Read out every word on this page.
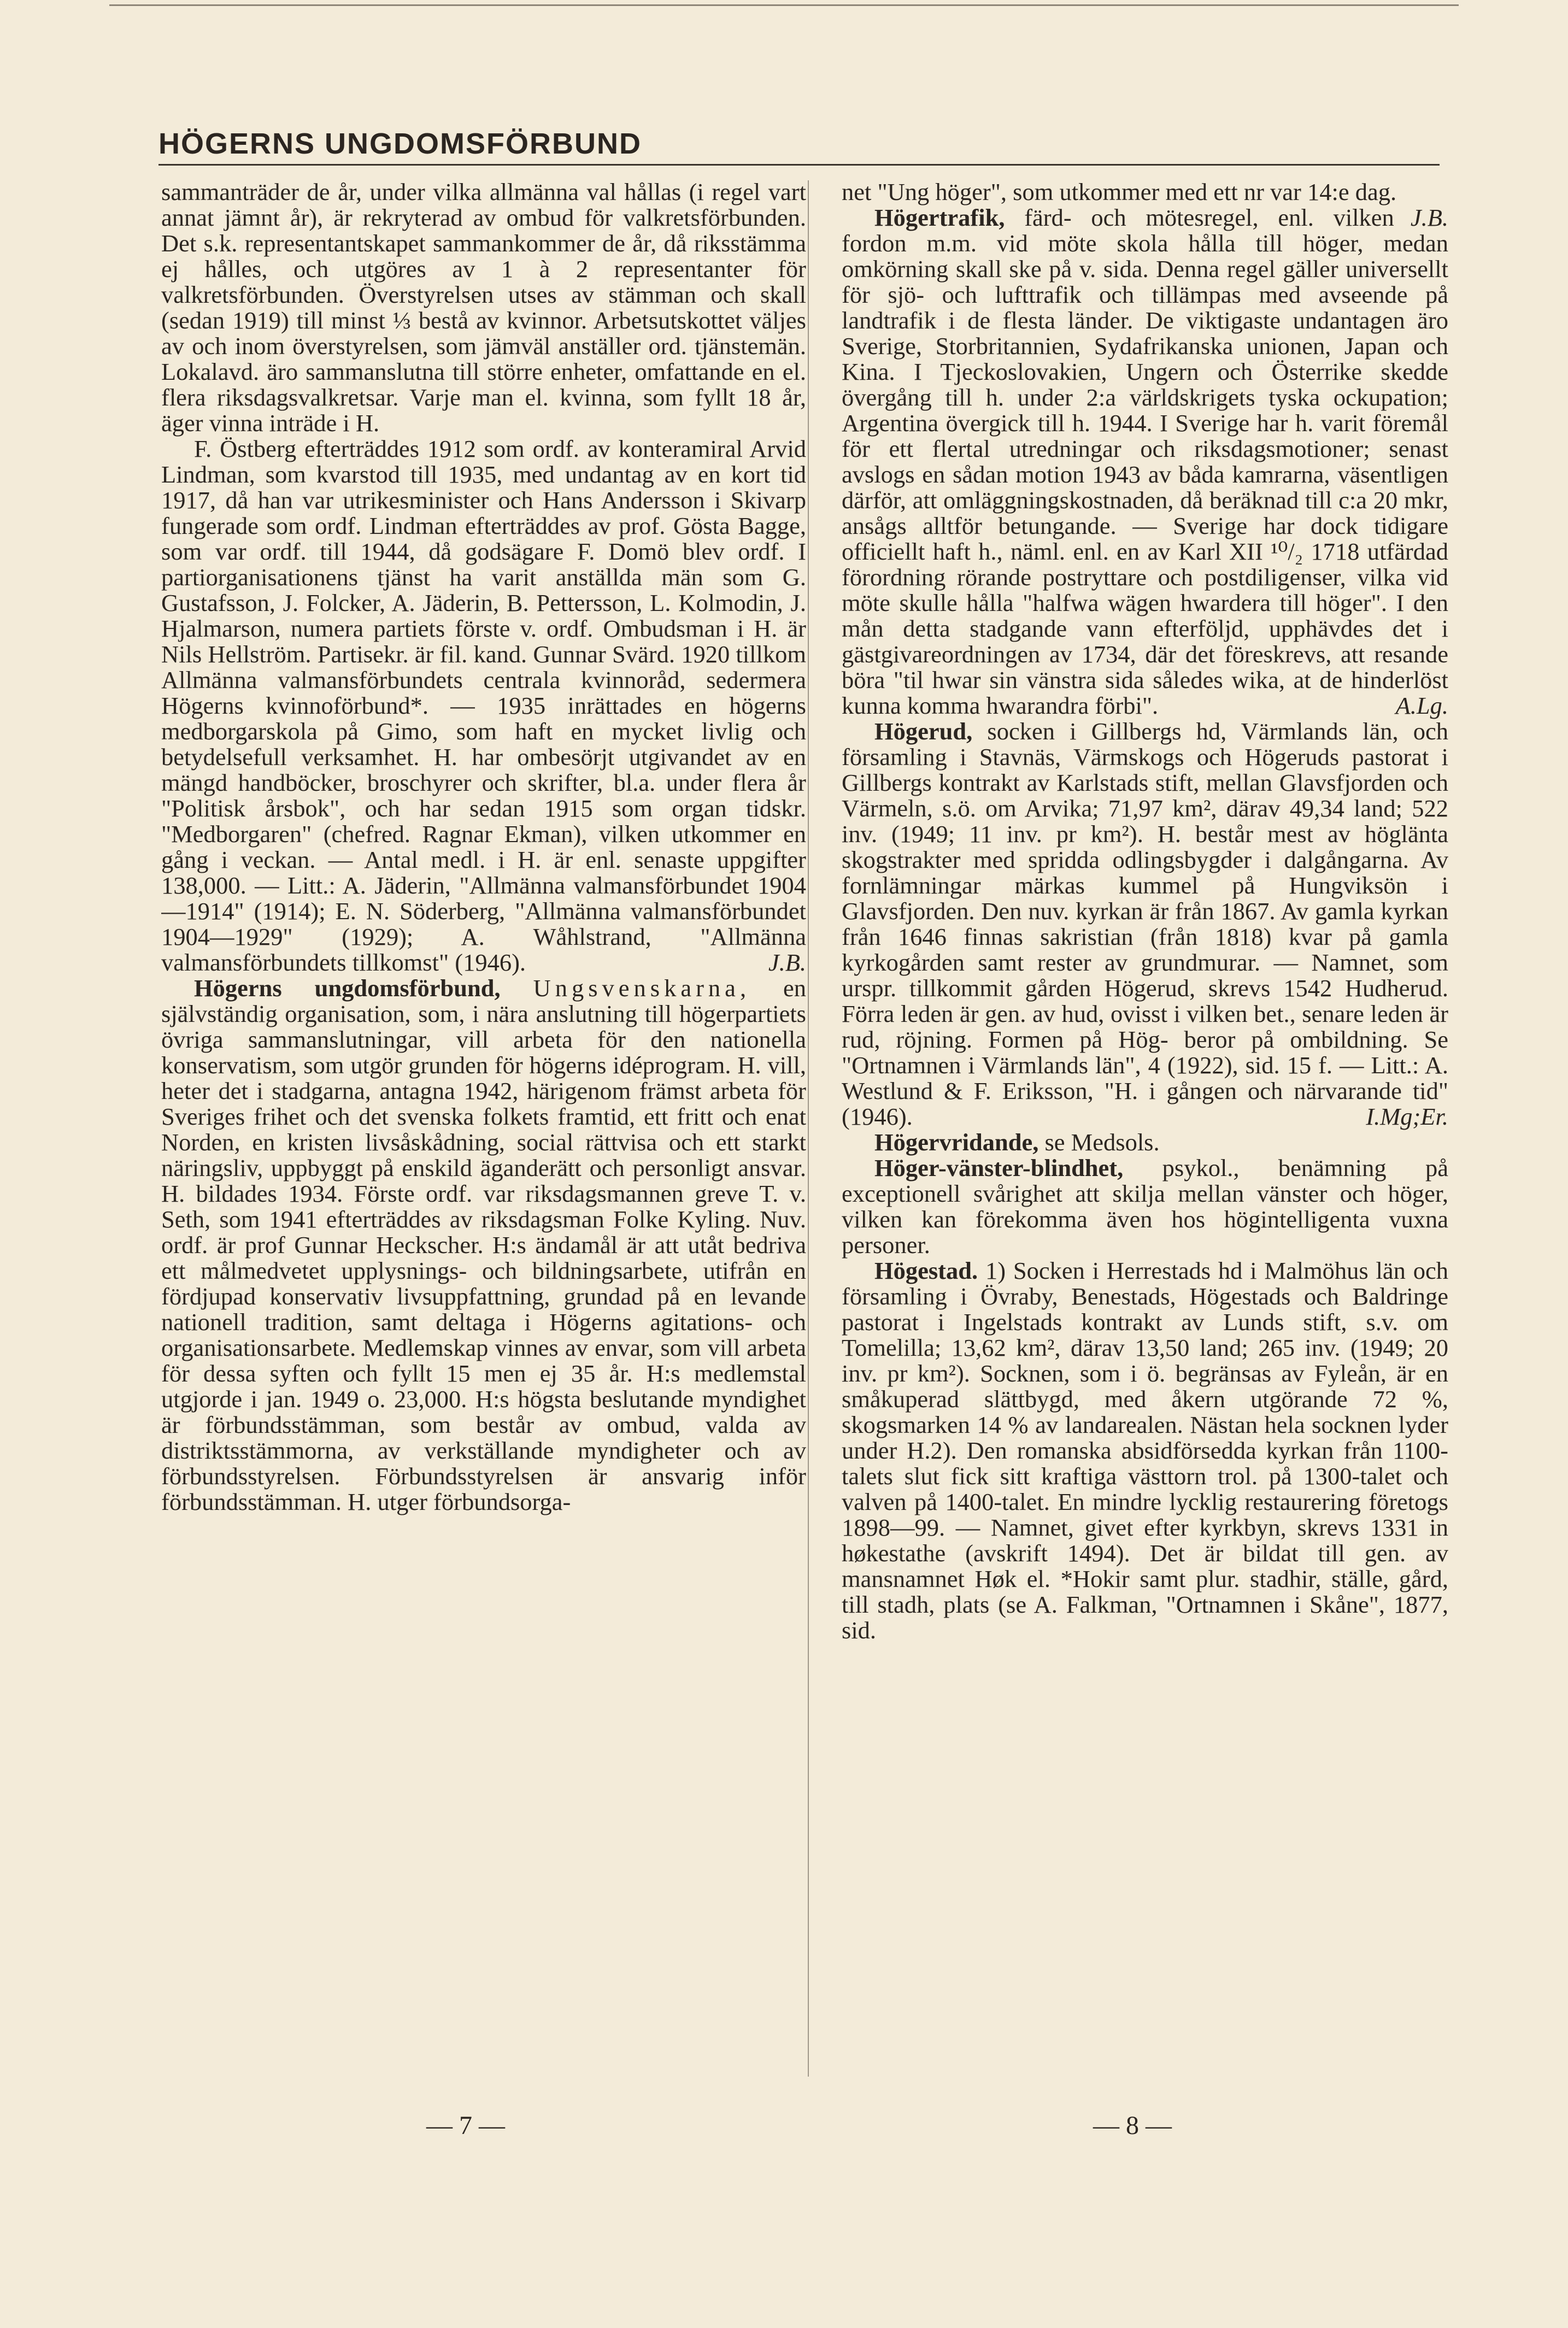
HÖGERNS UNGDOMSFÖRBUND

sammanträder de år, under vilka allmänna val hållas (i regel vart annat jämnt år), är rekryterad av ombud för valkretsförbunden. Det s.k. representantskapet sammankommer de år, då riksstämma ej hålles, och utgöres av 1 à 2 representanter för valkretsförbunden. Överstyrelsen utses av stämman och skall (sedan 1919) till minst ⅓ bestå av kvinnor. Arbetsutskottet väljes av och inom överstyrelsen, som jämväl anställer ord. tjänstemän. Lokalavd. äro sammanslutna till större enheter, omfattande en el. flera riksdagsvalkretsar. Varje man el. kvinna, som fyllt 18 år, äger vinna inträde i H.

F. Östberg efterträddes 1912 som ordf. av konteramiral Arvid Lindman, som kvarstod till 1935, med undantag av en kort tid 1917, då han var utrikesminister och Hans Andersson i Skivarp fungerade som ordf. Lindman efterträddes av prof. Gösta Bagge, som var ordf. till 1944, då godsägare F. Domö blev ordf. I partiorganisationens tjänst ha varit anställda män som G. Gustafsson, J. Folcker, A. Jäderin, B. Pettersson, L. Kolmodin, J. Hjalmarson, numera partiets förste v. ordf. Ombudsman i H. är Nils Hellström. Partisekr. är fil. kand. Gunnar Svärd. 1920 tillkom Allmänna valmansförbundets centrala kvinnoråd, sedermera Högerns kvinnoförbund*. — 1935 inrättades en högerns medborgarskola på Gimo, som haft en mycket livlig och betydelsefull verksamhet. H. har ombesörjt utgivandet av en mängd handböcker, broschyrer och skrifter, bl.a. under flera år "Politisk årsbok", och har sedan 1915 som organ tidskr. "Medborgaren" (chefred. Ragnar Ekman), vilken utkommer en gång i veckan. — Antal medl. i H. är enl. senaste uppgifter 138,000. — Litt.: A. Jäderin, "Allmänna valmansförbundet 1904—1914" (1914); E. N. Söderberg, "Allmänna valmansförbundet 1904—1929" (1929); A. Wåhlstrand, "Allmänna valmansförbundets tillkomst" (1946).	J.B.

Högerns ungdomsförbund, Ungsvenskarna, en självständig organisation, som, i nära anslutning till högerpartiets övriga sammanslutningar, vill arbeta för den nationella konservatism, som utgör grunden för högerns idéprogram. H. vill, heter det i stadgarna, antagna 1942, härigenom främst arbeta för Sveriges frihet och det svenska folkets framtid, ett fritt och enat Norden, en kristen livsåskådning, social rättvisa och ett starkt näringsliv, uppbyggt på enskild äganderätt och personligt ansvar. H. bildades 1934. Förste ordf. var riksdagsmannen greve T. v. Seth, som 1941 efterträddes av riksdagsman Folke Kyling. Nuv. ordf. är prof Gunnar Heckscher. H:s ändamål är att utåt bedriva ett målmedvetet upplysnings- och bildningsarbete, utifrån en fördjupad konservativ livsuppfattning, grundad på en levande nationell tradition, samt deltaga i Högerns agitations- och organisationsarbete. Medlemskap vinnes av envar, som vill arbeta för dessa syften och fyllt 15 men ej 35 år. H:s medlemstal utgjorde i jan. 1949 o. 23,000. H:s högsta beslutande myndighet är förbundsstämman, som består av ombud, valda av distriktsstämmorna, av verkställande myndigheter och av förbundsstyrelsen. Förbundsstyrelsen är ansvarig inför förbundsstämman. H. utger förbundsorga-

net "Ung höger", som utkommer med ett nr var 14:e dag.
J.B.

Högertrafik, färd- och mötesregel, enl. vilken fordon m.m. vid möte skola hålla till höger, medan omkörning skall ske på v. sida. Denna regel gäller universellt för sjö- och lufttrafik och tillämpas med avseende på landtrafik i de flesta länder. De viktigaste undantagen äro Sverige, Storbritannien, Sydafrikanska unionen, Japan och Kina. I Tjeckoslovakien, Ungern och Österrike skedde övergång till h. under 2:a världskrigets tyska ockupation; Argentina övergick till h. 1944. I Sverige har h. varit föremål för ett flertal utredningar och riksdagsmotioner; senast avslogs en sådan motion 1943 av båda kamrarna, väsentligen därför, att omläggningskostnaden, då beräknad till c:a 20 mkr, ansågs alltför betungande. — Sverige har dock tidigare officiellt haft h., näml. enl. en av Karl XII ¹⁰/₂ 1718 utfärdad förordning rörande postryttare och postdiligenser, vilka vid möte skulle hålla "halfwa wägen hwardera till höger". I den mån detta stadgande vann efterföljd, upphävdes det i gästgivareordningen av 1734, där det föreskrevs, att resande böra "til hwar sin vänstra sida således wika, at de hinderlöst kunna komma hwarandra förbi".	A.Lg.

Högerud, socken i Gillbergs hd, Värmlands län, och församling i Stavnäs, Värmskogs och Högeruds pastorat i Gillbergs kontrakt av Karlstads stift, mellan Glavsfjorden och Värmeln, s.ö. om Arvika; 71,97 km², därav 49,34 land; 522 inv. (1949; 11 inv. pr km²). H. består mest av höglänta skogstrakter med spridda odlingsbygder i dalgångarna. Av fornlämningar märkas kummel på Hungviksön i Glavsfjorden. Den nuv. kyrkan är från 1867. Av gamla kyrkan från 1646 finnas sakristian (från 1818) kvar på gamla kyrkogården samt rester av grundmurar. — Namnet, som urspr. tillkommit gården Högerud, skrevs 1542 Hudherud. Förra leden är gen. av hud, ovisst i vilken bet., senare leden är rud, röjning. Formen på Hög- beror på ombildning. Se "Ortnamnen i Värmlands län", 4 (1922), sid. 15 f. — Litt.: A. Westlund & F. Eriksson, "H. i gången och närvarande tid" (1946).	I.Mg;Er.

Högervridande, se Medsols.

Höger-vänster-blindhet, psykol., benämning på exceptionell svårighet att skilja mellan vänster och höger, vilken kan förekomma även hos högintelligenta vuxna personer.

Högestad. 1) Socken i Herrestads hd i Malmöhus län och församling i Övraby, Benestads, Högestads och Baldringe pastorat i Ingelstads kontrakt av Lunds stift, s.v. om Tomelilla; 13,62 km², därav 13,50 land; 265 inv. (1949; 20 inv. pr km²). Socknen, som i ö. begränsas av Fyleån, är en småkuperad slättbygd, med åkern utgörande 72 %, skogsmarken 14 % av landarealen. Nästan hela socknen lyder under H.2). Den romanska absidförsedda kyrkan från 1100-talets slut fick sitt kraftiga västtorn trol. på 1300-talet och valven på 1400-talet. En mindre lycklig restaurering företogs 1898—99. — Namnet, givet efter kyrkbyn, skrevs 1331 in høkestathe (avskrift 1494). Det är bildat till gen. av mansnamnet Høk el. *Hokir samt plur. stadhir, ställe, gård, till stadh, plats (se A. Falkman, "Ortnamnen i Skåne", 1877, sid.

— 7 —	— 8 —
